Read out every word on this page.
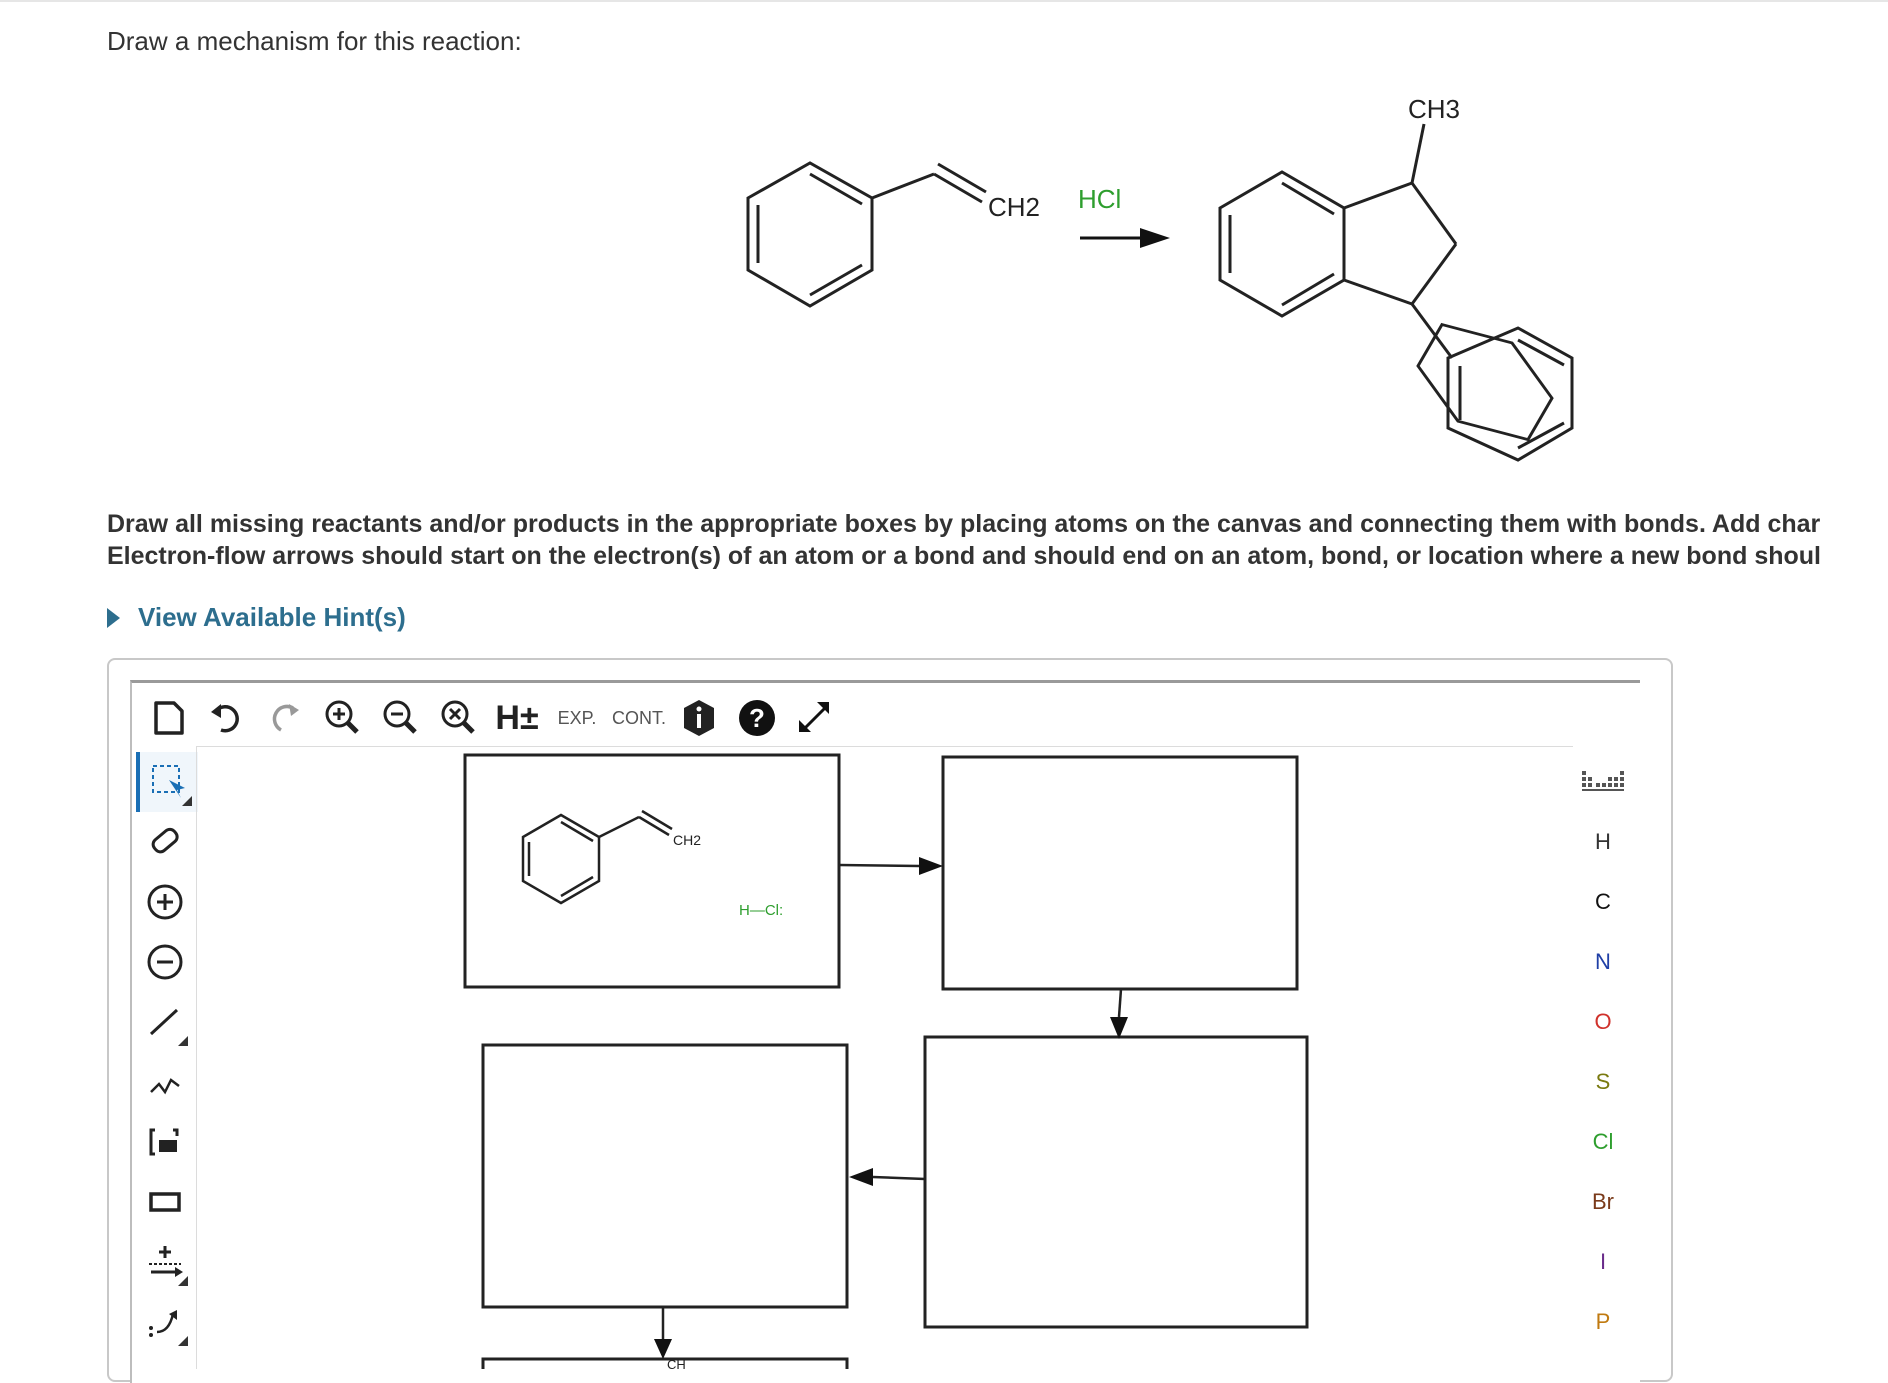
Draw a mechanism for this reaction:
CH2 HCl
CH3
Draw all missing reactants and/or products in the appropriate boxes by placing atoms on the canvas and connecting them with bonds. Add char
Electron-flow arrows should start on the electron(s) of an atom or a bond and should end on an atom, bond, or location where a new bond shoul
View Available Hint(s)
H± EXP. CONT.	?
CH2
H—Cl:
CH
H
C
N
O
S
Cl
Br
I
P
